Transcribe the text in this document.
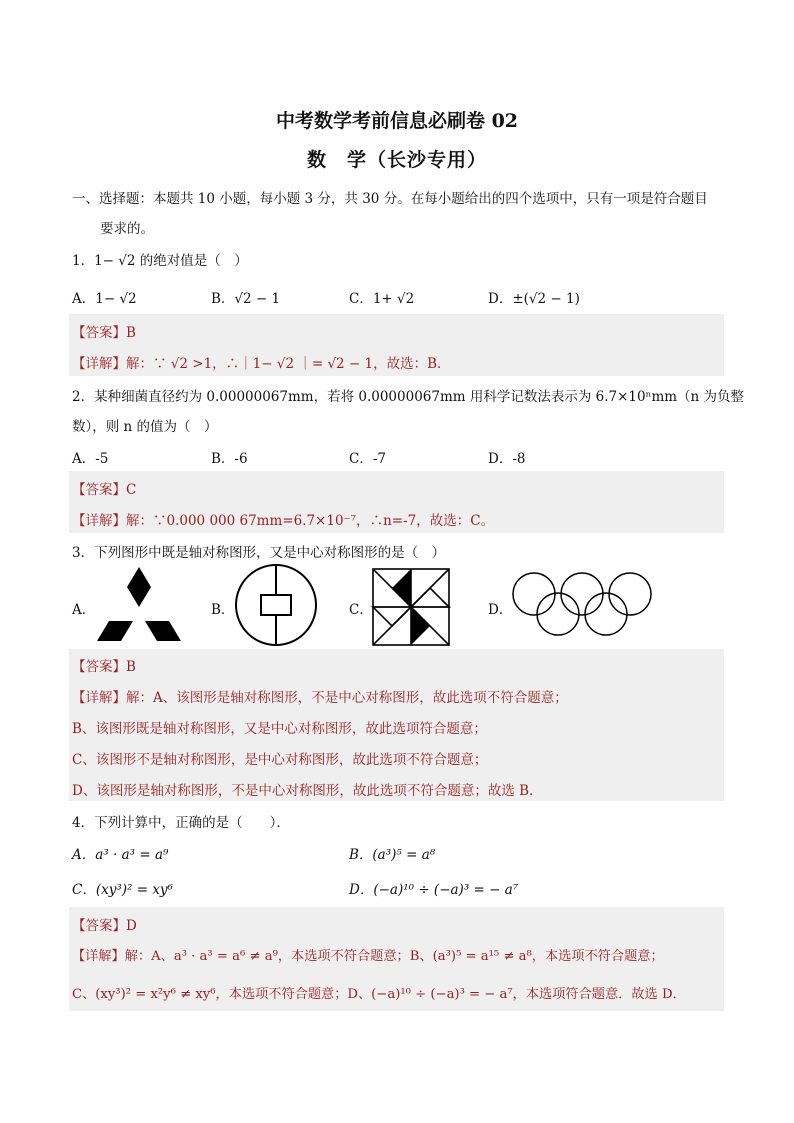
中考数学考前信息必刷卷 02
数　学（长沙专用）
一、选择题：本题共 10 小题，每小题 3 分，共 30 分。在每小题给出的四个选项中，只有一项是符合题目
要求的。
1．1− √2 的绝对值是（　）
A．1− √2	B．√2 − 1	C．1+ √2	D．±(√2 − 1)
【答案】B
【详解】解：∵ √2 >1，∴｜1− √2 ｜= √2 − 1，故选：B．
2．某种细菌直径约为 0.00000067mm，若将 0.00000067mm 用科学记数法表示为 6.7×10ⁿmm（n 为负整
数），则 n 的值为（　）
A．-5	B．-6	C．-7	D．-8
【答案】C
【详解】解：∵0.000 000 67mm=6.7×10⁻⁷，∴n=-7，故选：C。
3．下列图形中既是轴对称图形，又是中心对称图形的是（　）
A．	B．	C．	D．
【答案】B
【详解】解：A、该图形是轴对称图形，不是中心对称图形，故此选项不符合题意；
B、该图形既是轴对称图形，又是中心对称图形，故此选项符合题意；
C、该图形不是轴对称图形，是中心对称图形，故此选项不符合题意；
D、该图形是轴对称图形，不是中心对称图形，故此选项不符合题意；故选 B．
4．下列计算中，正确的是（　　）．
A．a³ · a³ = a⁹	B．(a³)⁵ = a⁸
C．(xy³)² = xy⁶	D．(−a)¹⁰ ÷ (−a)³ = − a⁷
【答案】D
【详解】解：A、a³ · a³ = a⁶ ≠ a⁹，本选项不符合题意；B、(a³)⁵ = a¹⁵ ≠ a⁸，本选项不符合题意；
C、(xy³)² = x²y⁶ ≠ xy⁶，本选项不符合题意；D、(−a)¹⁰ ÷ (−a)³ = − a⁷，本选项符合题意．故选 D．
